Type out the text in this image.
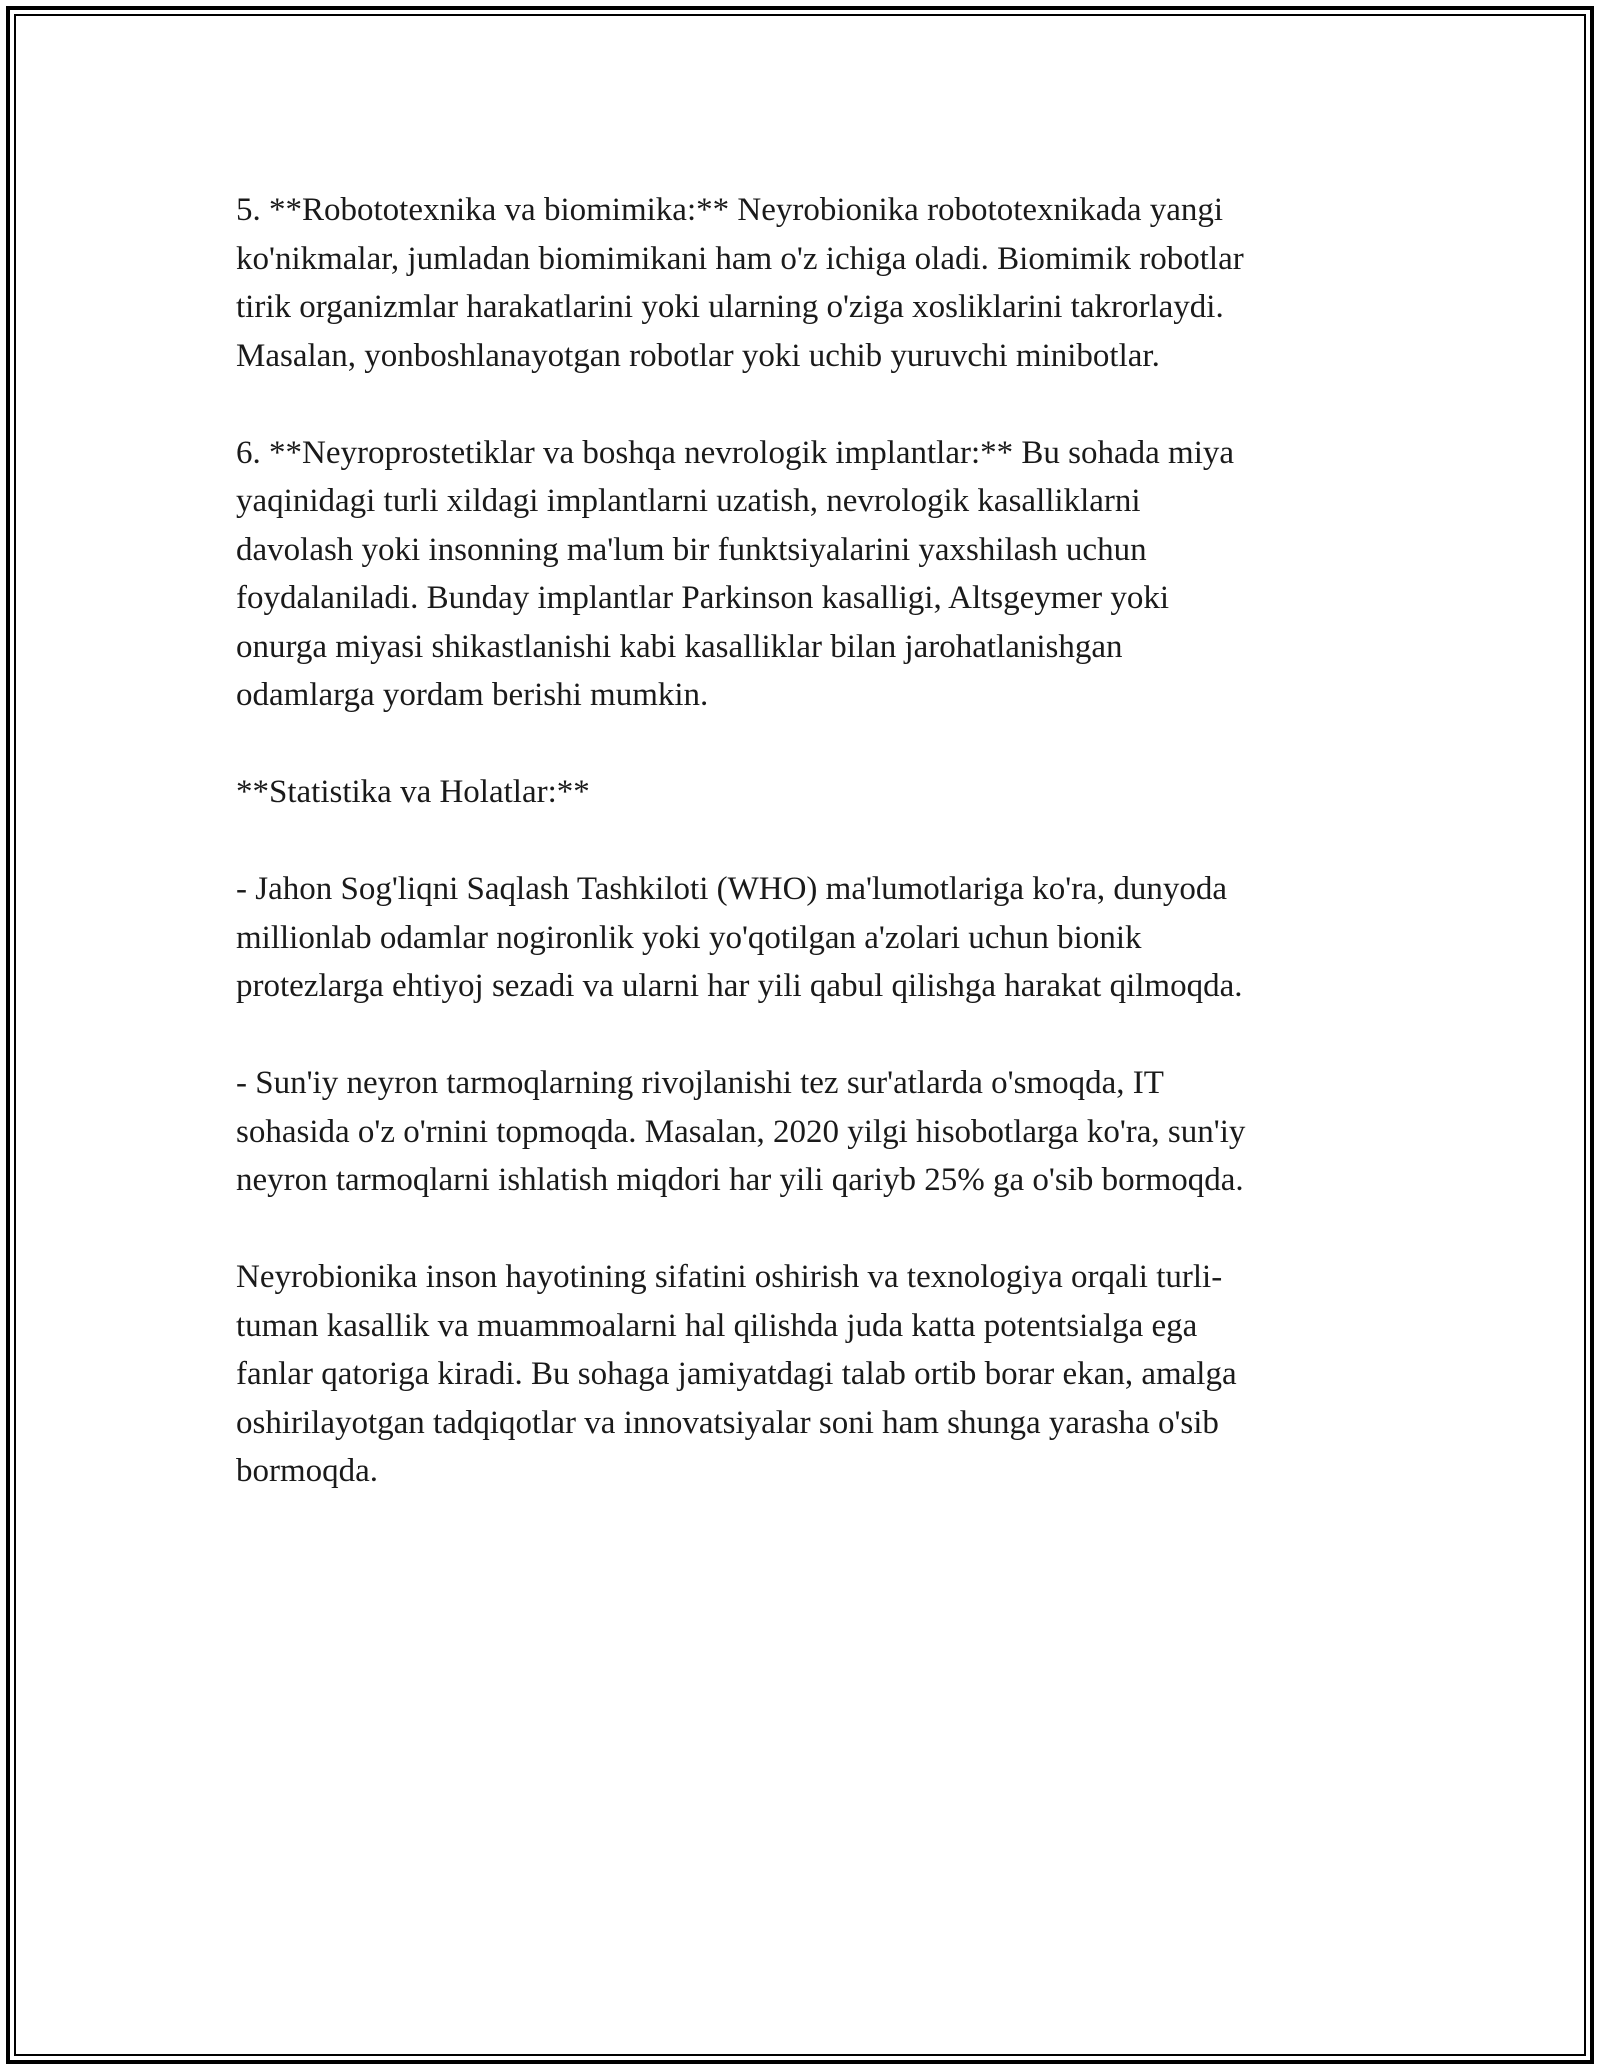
5. **Robototexnika va biomimika:** Neyrobionika robototexnikada yangi
ko'nikmalar, jumladan biomimikani ham o'z ichiga oladi. Biomimik robotlar
tirik organizmlar harakatlarini yoki ularning o'ziga xosliklarini takrorlaydi.
Masalan, yonboshlanayotgan robotlar yoki uchib yuruvchi minibotlar.

6. **Neyroprostetiklar va boshqa nevrologik implantlar:** Bu sohada miya
yaqinidagi turli xildagi implantlarni uzatish, nevrologik kasalliklarni
davolash yoki insonning ma'lum bir funktsiyalarini yaxshilash uchun
foydalaniladi. Bunday implantlar Parkinson kasalligi, Altsgeymer yoki
onurga miyasi shikastlanishi kabi kasalliklar bilan jarohatlanishgan
odamlarga yordam berishi mumkin.

**Statistika va Holatlar:**

- Jahon Sog'liqni Saqlash Tashkiloti (WHO) ma'lumotlariga ko'ra, dunyoda
millionlab odamlar nogironlik yoki yo'qotilgan a'zolari uchun bionik
protezlarga ehtiyoj sezadi va ularni har yili qabul qilishga harakat qilmoqda.

- Sun'iy neyron tarmoqlarning rivojlanishi tez sur'atlarda o'smoqda, IT
sohasida o'z o'rnini topmoqda. Masalan, 2020 yilgi hisobotlarga ko'ra, sun'iy
neyron tarmoqlarni ishlatish miqdori har yili qariyb 25% ga o'sib bormoqda.

Neyrobionika inson hayotining sifatini oshirish va texnologiya orqali turli-
tuman kasallik va muammoalarni hal qilishda juda katta potentsialga ega
fanlar qatoriga kiradi. Bu sohaga jamiyatdagi talab ortib borar ekan, amalga
oshirilayotgan tadqiqotlar va innovatsiyalar soni ham shunga yarasha o'sib
bormoqda.
